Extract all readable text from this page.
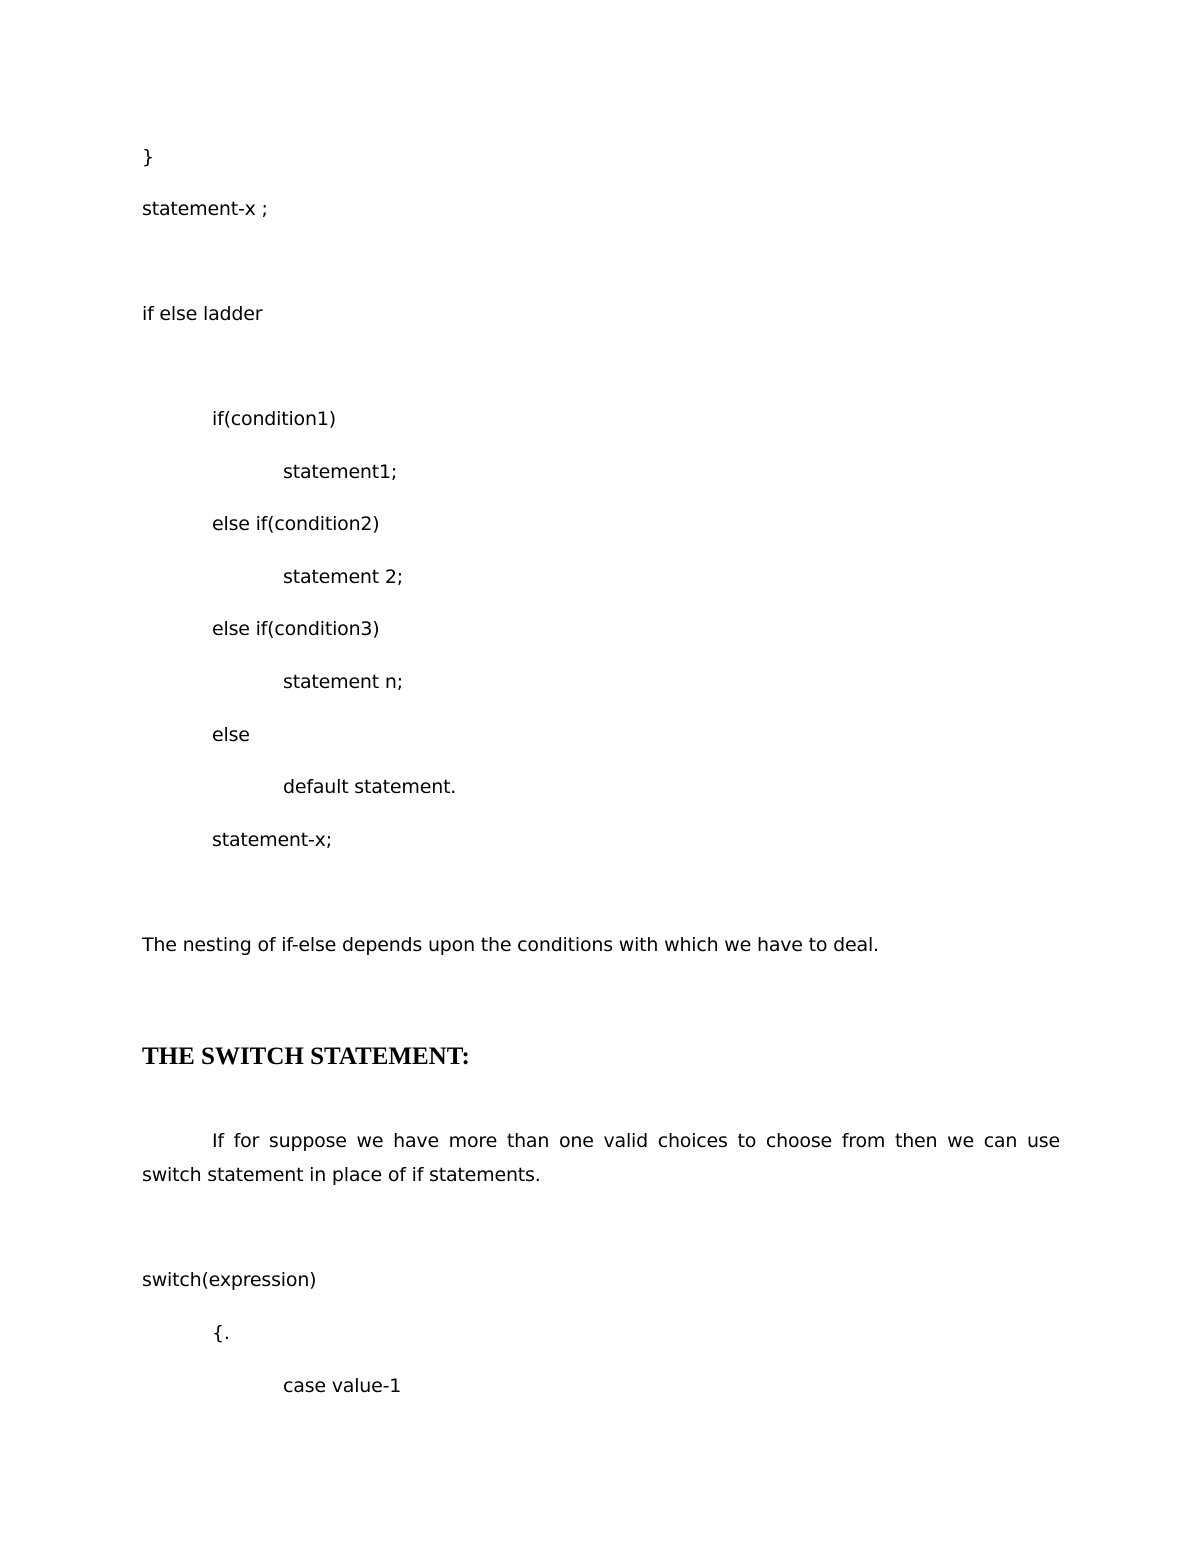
}
statement-x ;
if else ladder
if(condition1)
statement1;
else if(condition2)
statement 2;
else if(condition3)
statement n;
else
default statement.
statement-x;
The nesting of if-else depends upon the conditions with which we have to deal.
THE SWITCH STATEMENT:
If for suppose we have more than one valid choices to choose from then we can use
switch statement in place of if statements.
switch(expression)
{.
case value-1
